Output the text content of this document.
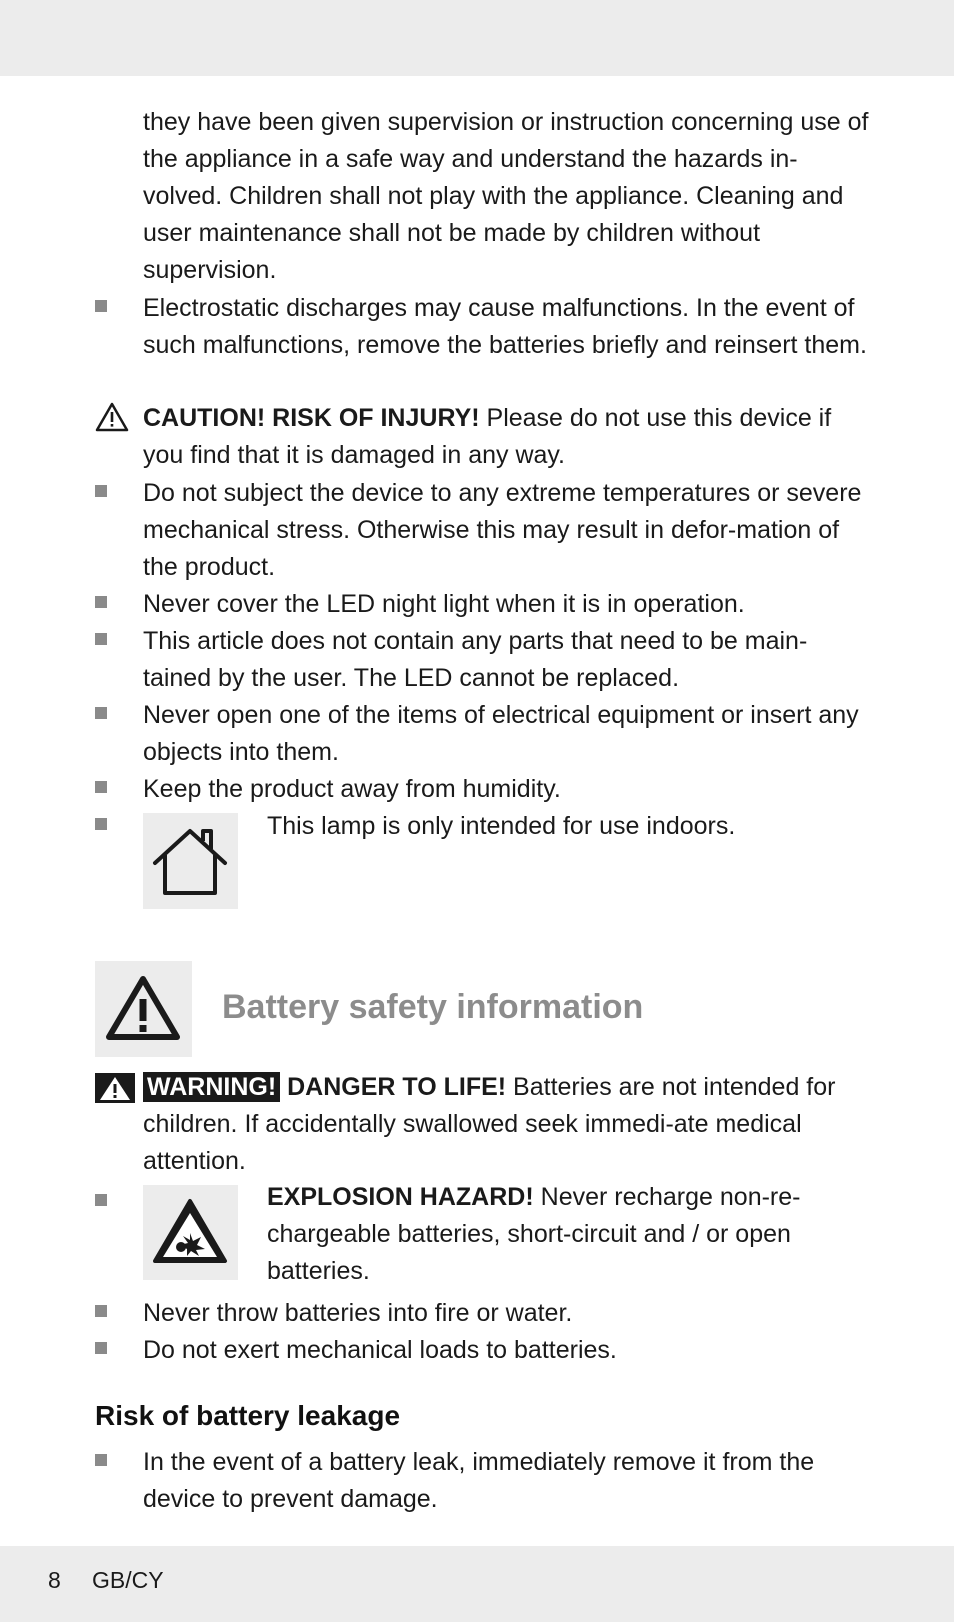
they have been given supervision or instruction concerning use of the appliance in a safe way and understand the hazards in-volved. Children shall not play with the appliance. Cleaning and user maintenance shall not be made by children without supervision.

Electrostatic discharges may cause malfunctions. In the event of such malfunctions, remove the batteries briefly and reinsert them.

CAUTION! RISK OF INJURY! Please do not use this device if you find that it is damaged in any way.

Do not subject the device to any extreme temperatures or severe mechanical stress. Otherwise this may result in defor-mation of the product.

Never cover the LED night light when it is in operation.

This article does not contain any parts that need to be main-tained by the user. The LED cannot be replaced.

Never open one of the items of electrical equipment or insert any objects into them.

Keep the product away from humidity.

This lamp is only intended for use indoors.

Battery safety information

WARNING! DANGER TO LIFE! Batteries are not intended for children. If accidentally swallowed seek immedi-ate medical attention.

EXPLOSION HAZARD! Never recharge non-re-chargeable batteries, short-circuit and / or open batteries.

Never throw batteries into fire or water.

Do not exert mechanical loads to batteries.

Risk of battery leakage

In the event of a battery leak, immediately remove it from the device to prevent damage.

8 GB/CY
